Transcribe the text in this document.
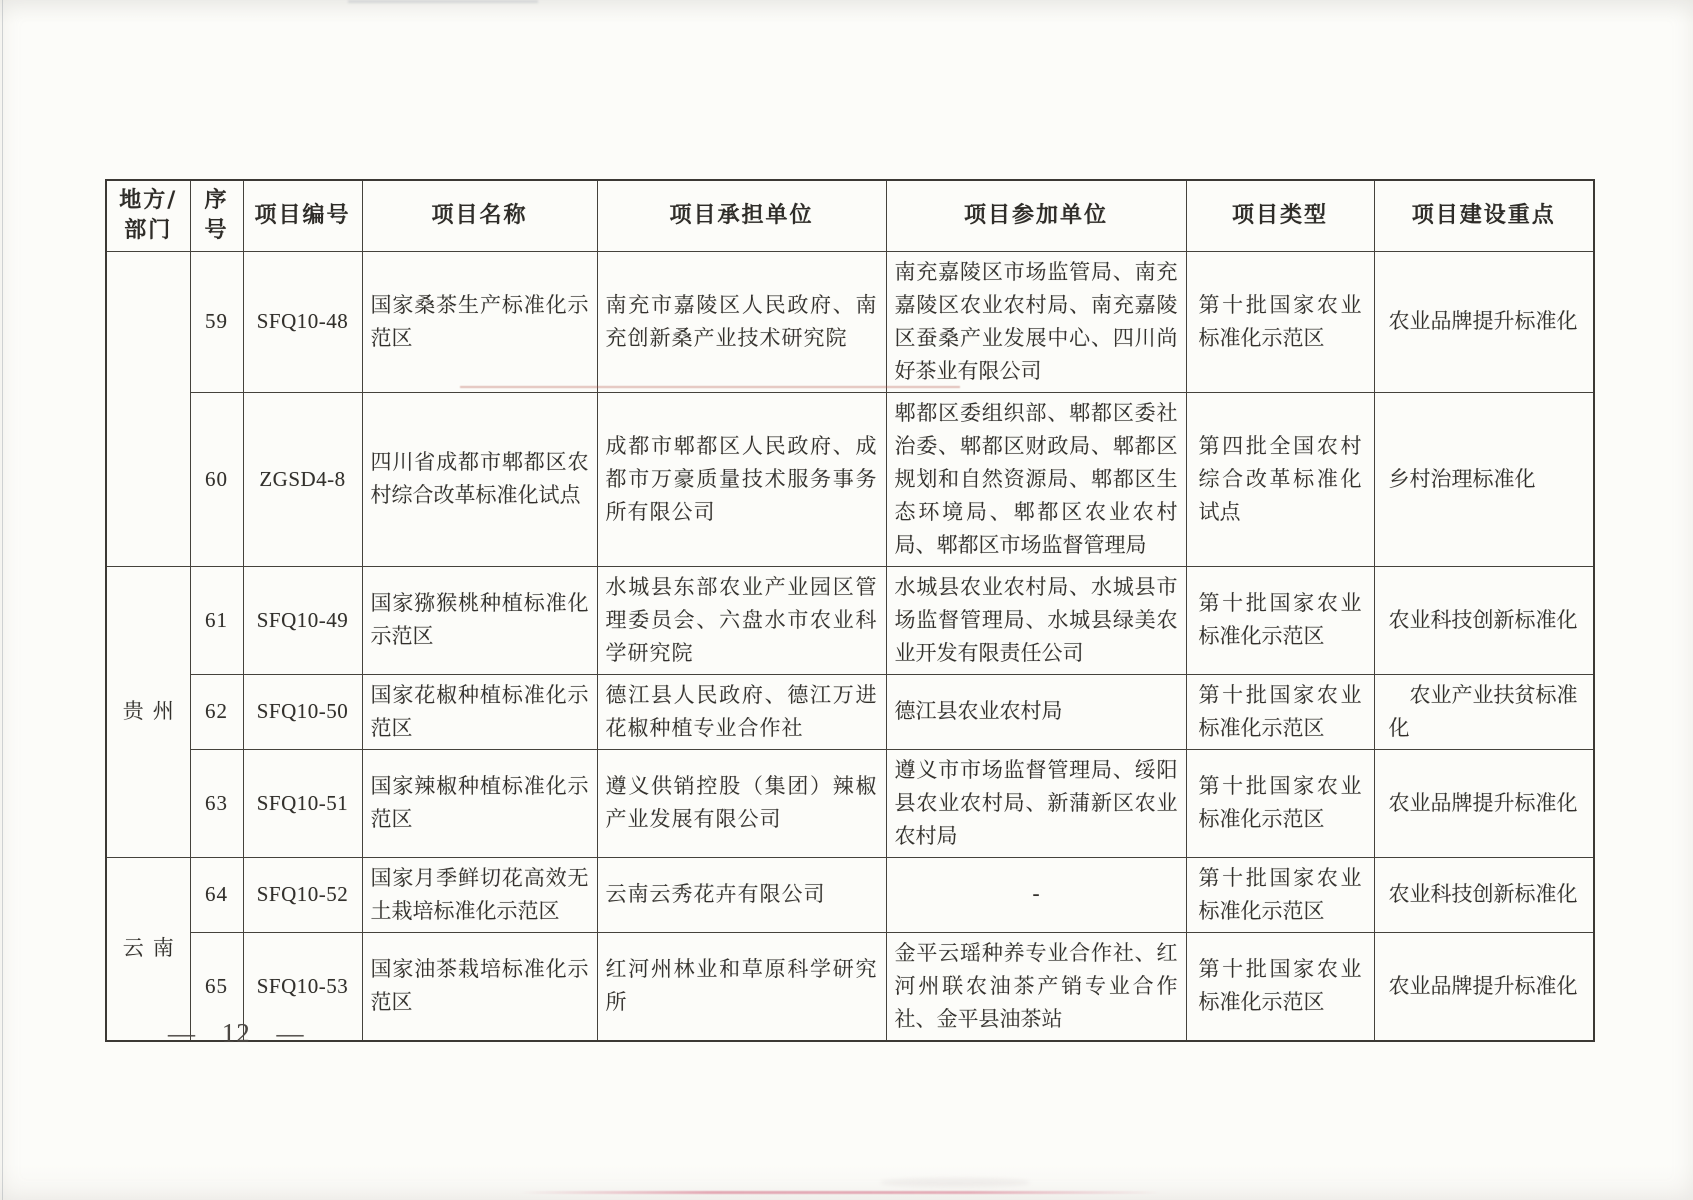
地方/部门	序号	项目编号	项目名称	项目承担单位	项目参加单位	项目类型	项目建设重点
	59	SFQ10-48	国家桑茶生产标准化示范区	南充市嘉陵区人民政府、南充创新桑产业技术研究院	南充嘉陵区市场监管局、南充嘉陵区农业农村局、南充嘉陵区蚕桑产业发展中心、四川尚好茶业有限公司	第十批国家农业标准化示范区	农业品牌提升标准化
	60	ZGSD4-8	四川省成都市郫都区农村综合改革标准化试点	成都市郫都区人民政府、成都市万豪质量技术服务事务所有限公司	郫都区委组织部、郫都区委社治委、郫都区财政局、郫都区规划和自然资源局、郫都区生态环境局、郫都区农业农村局、郫都区市场监督管理局	第四批全国农村综合改革标准化试点	乡村治理标准化
贵州	61	SFQ10-49	国家猕猴桃种植标准化示范区	水城县东部农业产业园区管理委员会、六盘水市农业科学研究院	水城县农业农村局、水城县市场监督管理局、水城县绿美农业开发有限责任公司	第十批国家农业标准化示范区	农业科技创新标准化
	62	SFQ10-50	国家花椒种植标准化示范区	德江县人民政府、德江万进花椒种植专业合作社	德江县农业农村局	第十批国家农业标准化示范区	　农业产业扶贫标准化
	63	SFQ10-51	国家辣椒种植标准化示范区	遵义供销控股（集团）辣椒产业发展有限公司	遵义市市场监督管理局、绥阳县农业农村局、新蒲新区农业农村局	第十批国家农业标准化示范区	农业品牌提升标准化
云南	64	SFQ10-52	国家月季鲜切花高效无土栽培标准化示范区	云南云秀花卉有限公司	-	第十批国家农业标准化示范区	农业科技创新标准化
	65	SFQ10-53	国家油茶栽培标准化示范区	红河州林业和草原科学研究所	金平云瑶种养专业合作社、红河州联农油茶产销专业合作社、金平县油茶站	第十批国家农业标准化示范区	农业品牌提升标准化
— 12 —
